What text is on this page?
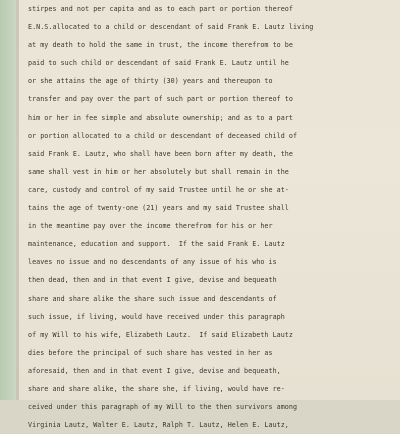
stirpes and not per capita and as to each part or portion thereof
E.N.S.allocated to a child or descendant of said Frank E. Lautz living
at my death to hold the same in trust, the income therefrom to be
paid to such child or descendant of said Frank E. Lautz until he
or she attains the age of thirty (30) years and thereupon to
transfer and pay over the part of such part or portion thereof to
him or her in fee simple and absolute ownership; and as to a part
or portion allocated to a child or descendant of deceased child of
said Frank E. Lautz, who shall have been born after my death, the
same shall vest in him or her absolutely but shall remain in the
care, custody and control of my said Trustee until he or she at-
tains the age of twenty-one (21) years and my said Trustee shall
in the meantime pay over the income therefrom for his or her
maintenance, education and support.  If the said Frank E. Lautz
leaves no issue and no descendants of any issue of his who is
then dead, then and in that event I give, devise and bequeath
share and share alike the share such issue and descendants of
such issue, if living, would have received under this paragraph
of my Will to his wife, Elizabeth Lautz.  If said Elizabeth Lautz
dies before the principal of such share has vested in her as
aforesaid, then and in that event I give, devise and bequeath,
share and share alike, the share she, if living, would have re-
ceived under this paragraph of my Will to the then survivors among
Virginia Lautz, Walter E. Lautz, Ralph T. Lautz, Helen E. Lautz,
